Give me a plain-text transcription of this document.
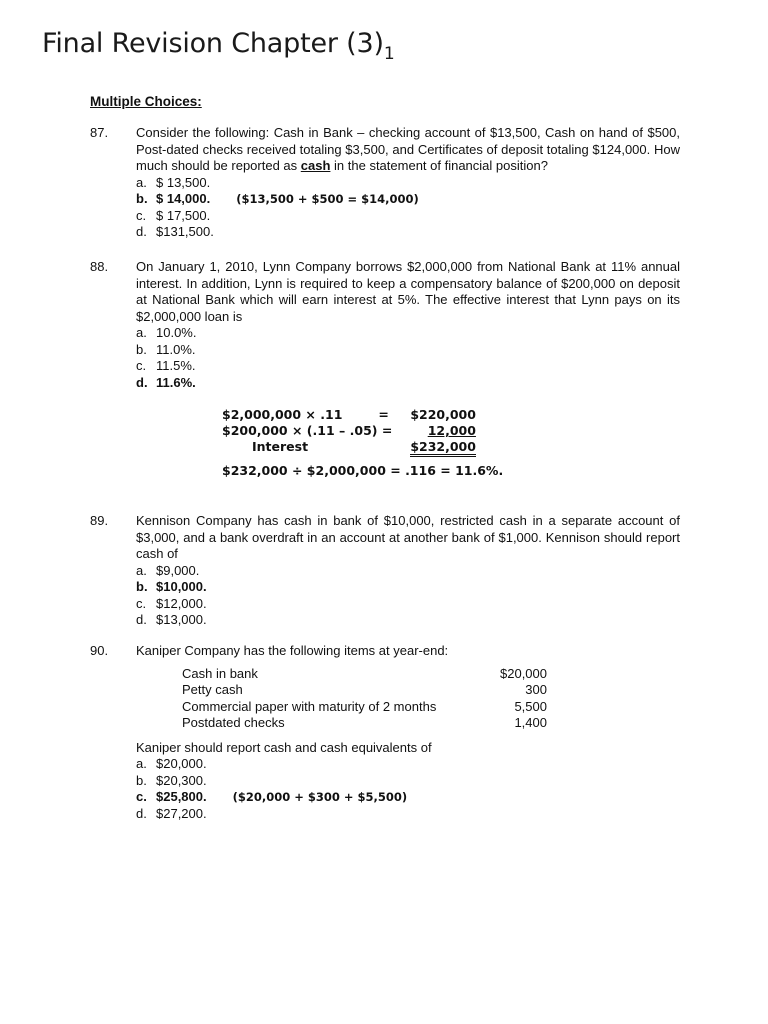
Final Revision Chapter $(3)_1$
Multiple Choices:
87. Consider the following: Cash in Bank – checking account of $13,500, Cash on hand of $500, Post-dated checks received totaling $3,500, and Certificates of deposit totaling $124,000. How much should be reported as cash in the statement of financial position?
a. $ 13,500.
b. $ 14,000. ($13,500 + $500 = $14,000)
c. $ 17,500.
d. $131,500.
88. On January 1, 2010, Lynn Company borrows $2,000,000 from National Bank at 11% annual interest. In addition, Lynn is required to keep a compensatory balance of $200,000 on deposit at National Bank which will earn interest at 5%. The effective interest that Lynn pays on its $2,000,000 loan is
a. 10.0%.
b. 11.0%.
c. 11.5%.
d. 11.6%.
$2,000,000 × .11	=	$220,000
$200,000 × (.11 – .05) =		12,000
Interest		$232,000
$232,000 ÷ $2,000,000 = .116 = 11.6%.
89. Kennison Company has cash in bank of $10,000, restricted cash in a separate account of $3,000, and a bank overdraft in an account at another bank of $1,000. Kennison should report cash of
a. $9,000.
b. $10,000.
c. $12,000.
d. $13,000.
90. Kaniper Company has the following items at year-end:
Cash in bank	$20,000
Petty cash	300
Commercial paper with maturity of 2 months	5,500
Postdated checks	1,400
Kaniper should report cash and cash equivalents of
a. $20,000.
b. $20,300.
c. $25,800. ($20,000 + $300 + $5,500)
d. $27,200.
